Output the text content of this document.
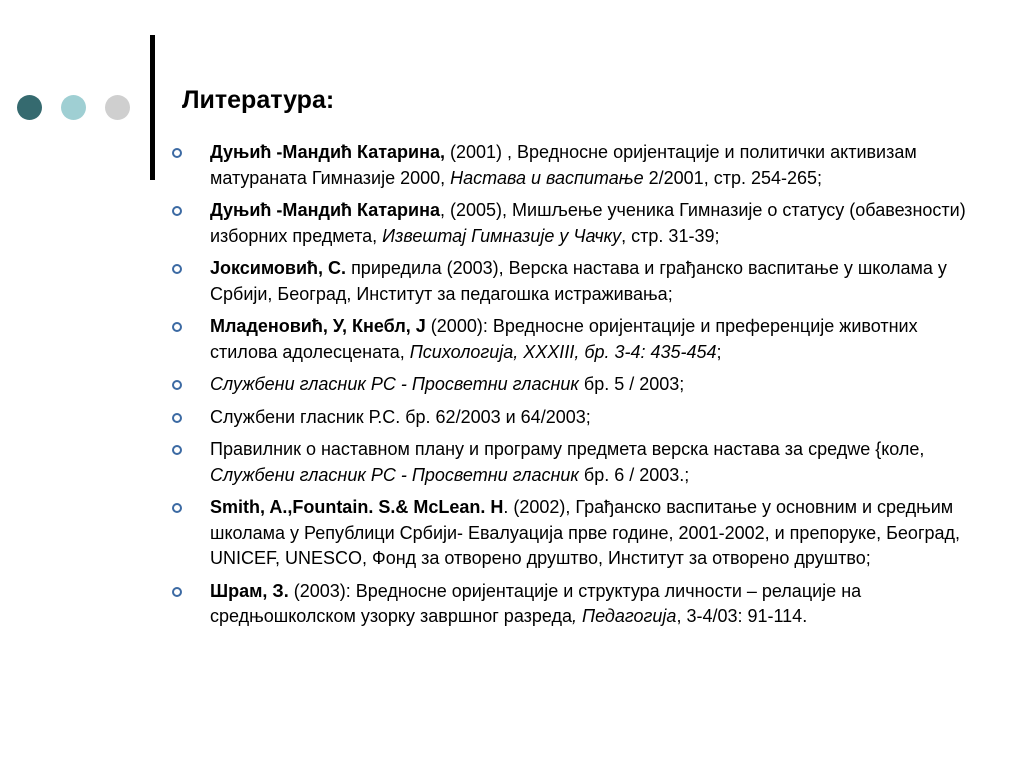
Литература:
Дуњић -Мандић Катарина, (2001) , Вредносне оријентације и политички активизам матураната Гимназије 2000, Настава и васпитање 2/2001, стр. 254-265;
Дуњић -Мандић Катарина, (2005), Мишљење ученика Гимназије о статусу (обавезности) изборних предмета, Извештај Гимназије у Чачку, стр. 31-39;
Јоксимовић, С. приредила (2003), Верска настава и грађанско васпитање у школама у Србији, Београд, Институт за педагошка истраживања;
Младеновић, У, Кнебл, Ј (2000): Вредносне оријентације и преференције животних стилова адолесцената, Психологија, XXXIII, бр. 3-4: 435-454;
Службени гласник РС - Просветни гласник бр. 5 / 2003;
Службени гласник Р.С. бр. 62/2003 и 64/2003;
Правилник о наставном плану и програму предмета верска настава за средwе {коле, Службени гласник РС - Просветни гласник бр. 6 / 2003.;
Smith, A.,Fountain. S.& McLean. H. (2002), Грађанско васпитање у основним и средњим школама у Републици Србији- Евалуација прве године, 2001-2002, и препоруке, Београд, UNICEF, UNESCO, Фонд за отворено друштво, Институт за отворено друштво;
Шрам, З. (2003): Вредносне оријентације и структура личности – релације на средњошколском узорку завршног разреда, Педагогија, 3-4/03: 91-114.
